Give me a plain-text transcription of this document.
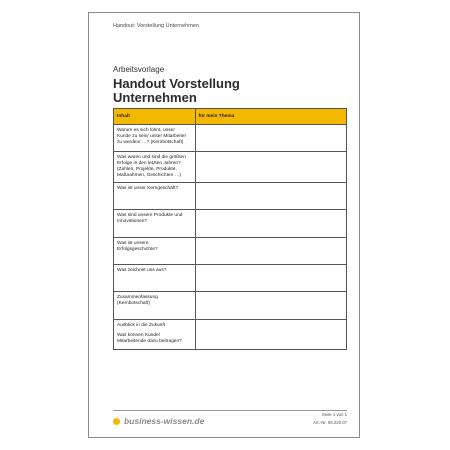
Handout: Vorstellung Unternehmen
Arbeitsvorlage
Handout Vorstellung
Unternehmen
Inhalt	für mein Thema

Warum es sich lohnt, unser
Kunde zu sein/ unser Mitarbeiter
zu werden/ …? (Kernbotschaft)	

Was waren und sind die größten
Erfolge in den letzten Jahren?
(Zahlen, Projekte, Produkte,
Maßnahmen, Geschichten …)	

Was ist unser Kerngeschäft?	

Was sind unsere Produkte und
Innovationen?	

Was ist unsere
Erfolgsgeschichte?	

Was zeichnet uns aus?	

Zusammenfassung
(Kernbotschaft)	

Ausblick in die Zukunft
Was können Kunde/
Mitarbeitende dazu beitragen?	

business-wissen.de
Seite 1 von 1
Art.-Nr. 99.220.07
